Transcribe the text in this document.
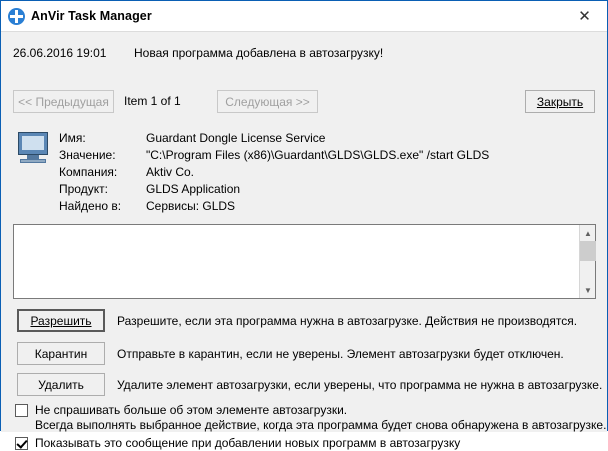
AnVir Task Manager	✕
26.06.2016 19:01 Новая программа добавлена в автозагрузку!
<< Предыдущая	Item 1 of 1	Следующая >>	Закрыть
Имя:	Guardant Dongle License Service
Значение:	"C:\Program Files (x86)\Guardant\GLDS\GLDS.exe" /start GLDS
Компания:	Aktiv Co.
Продукт:	GLDS Application
Найдено в:	Сервисы: GLDS
▲
▼
Разрешить	Разрешите, если эта программа нужна в автозагрузке. Действия не производятся.
Карантин	Отправьте в карантин, если не уверены. Элемент автозагрузки будет отключен.
Удалить	Удалите элемент автозагрузки, если уверены, что программа не нужна в автозагрузке.
Не спрашивать больше об этом элементе автозагрузки.
Всегда выполнять выбранное действие, когда эта программа будет снова обнаружена в автозагрузке.
Показывать это сообщение при добавлении новых программ в автозагрузку
